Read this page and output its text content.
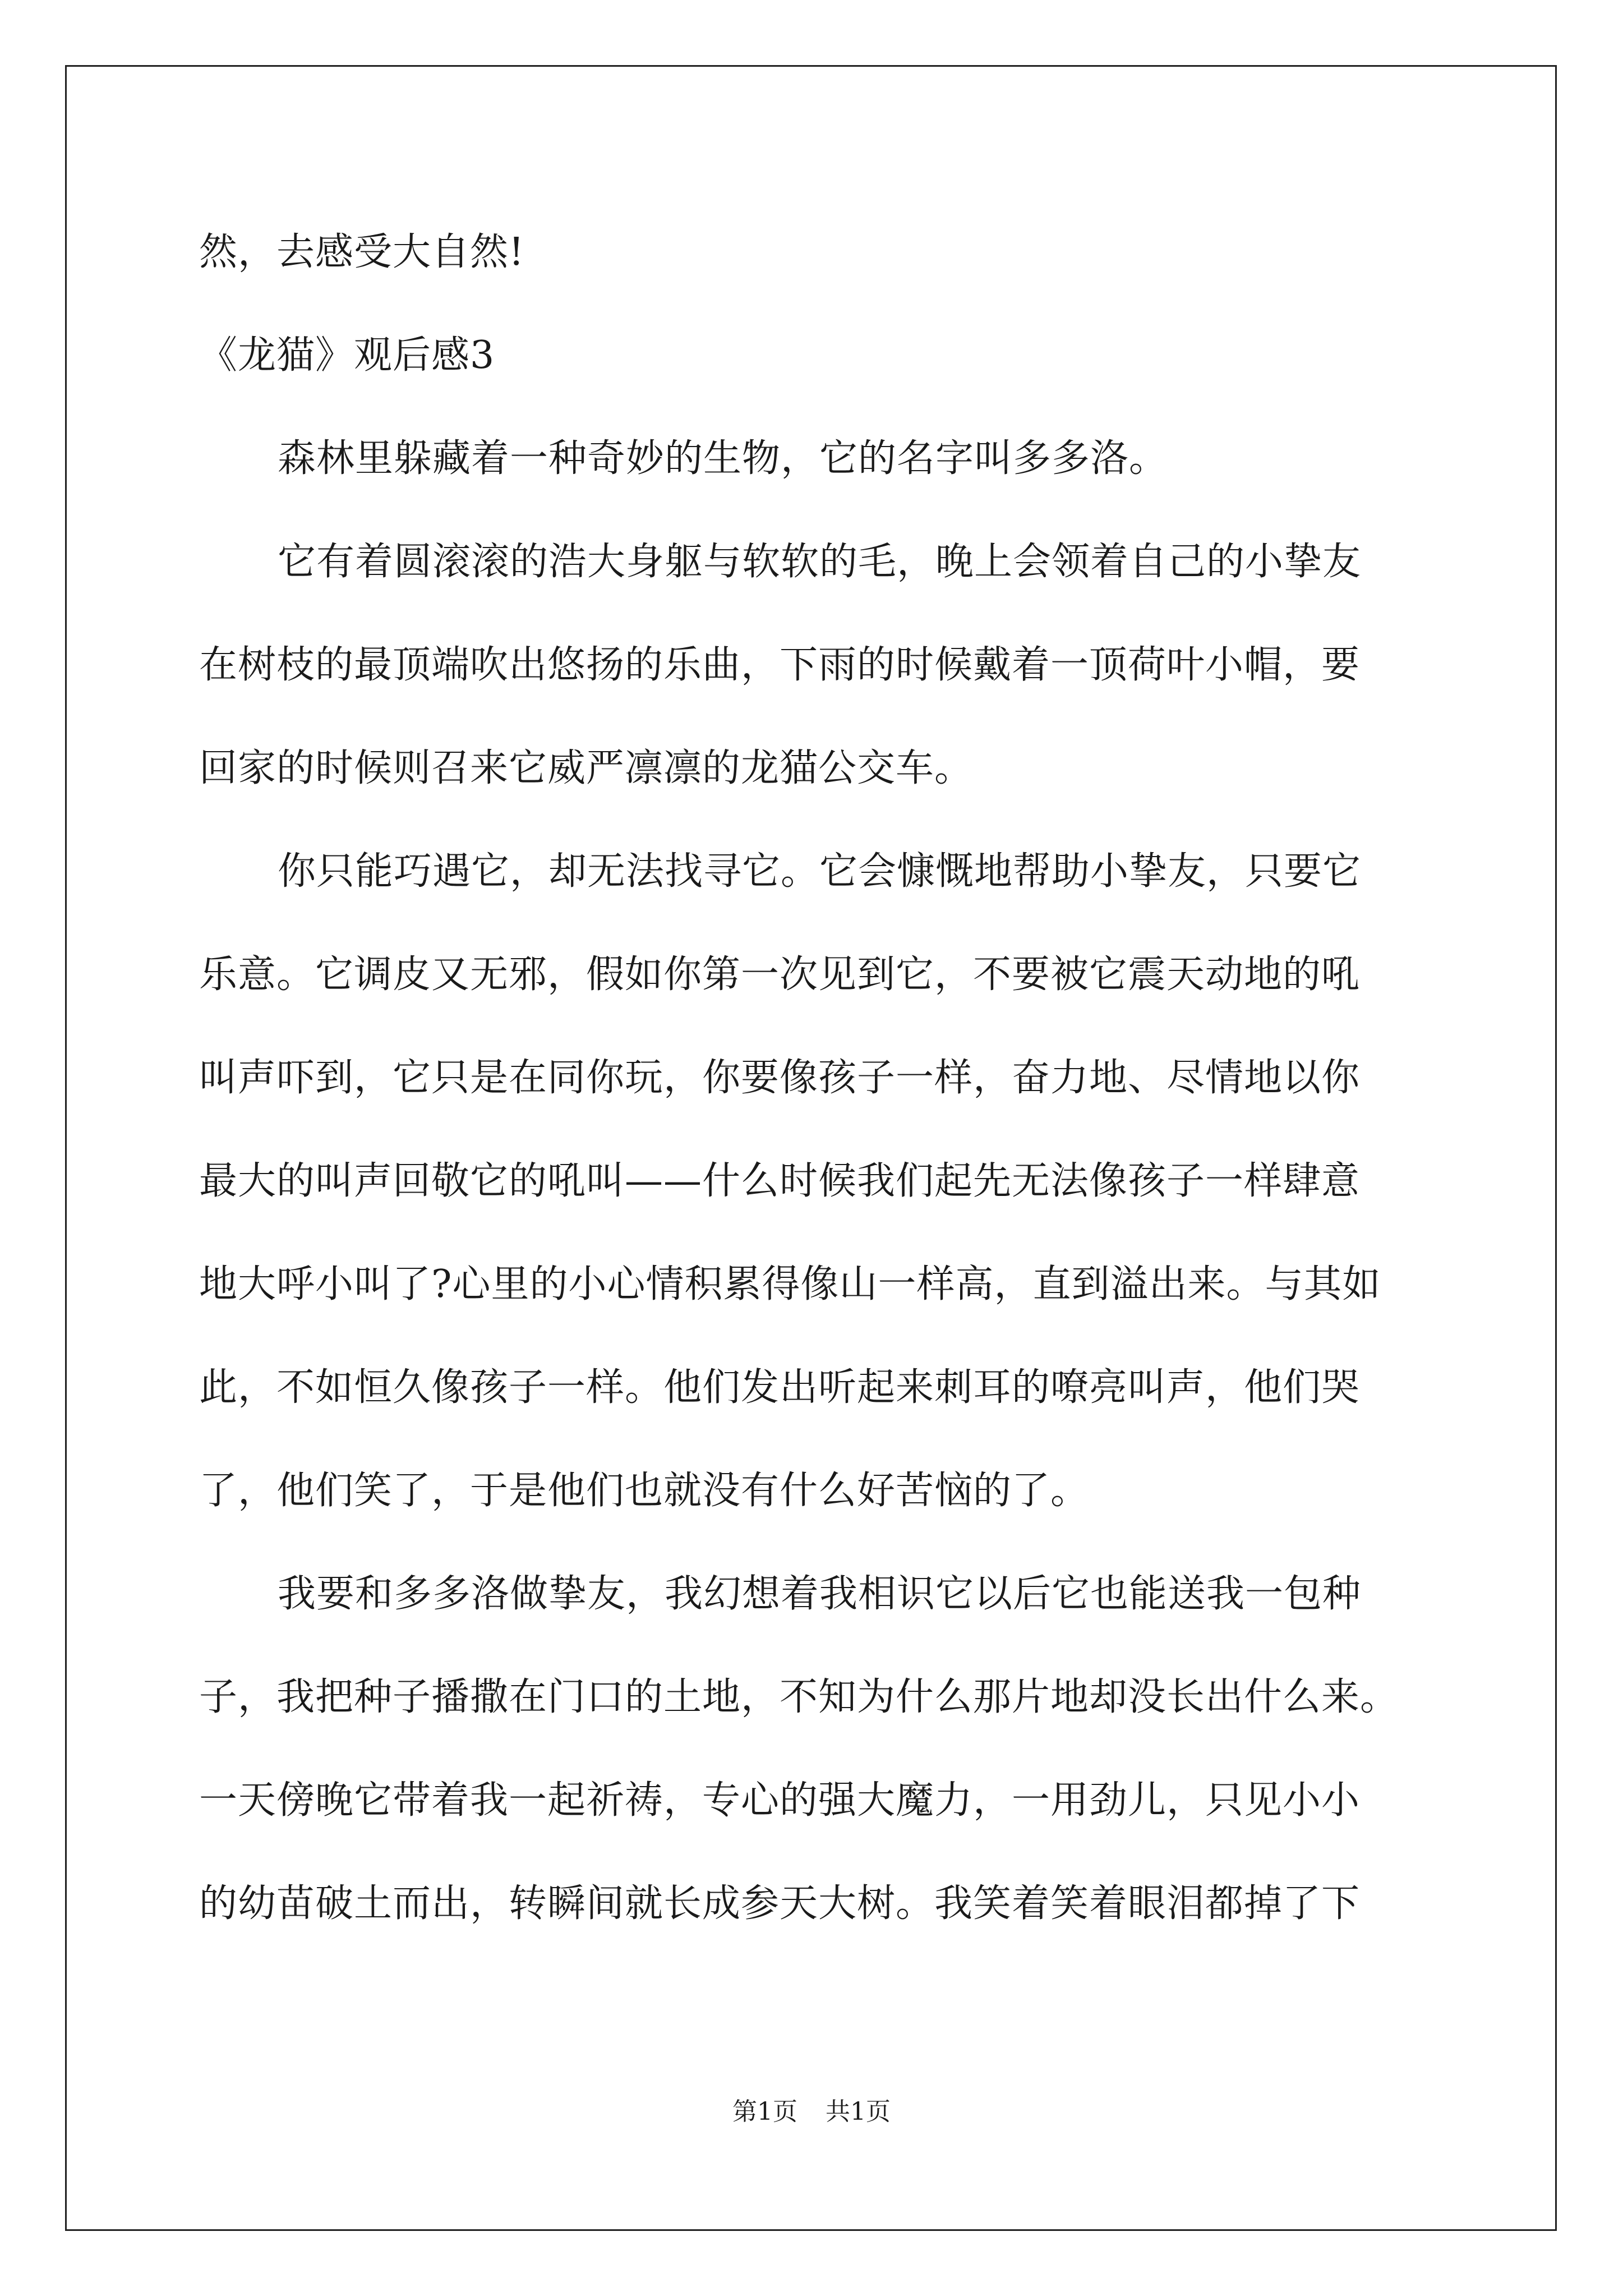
然，去感受大自然!
《龙猫》观后感3
森林里躲藏着一种奇妙的生物，它的名字叫多多洛。
它有着圆滚滚的浩大身躯与软软的毛，晚上会领着自己的小挚友
在树枝的最顶端吹出悠扬的乐曲，下雨的时候戴着一顶荷叶小帽，要
回家的时候则召来它威严凛凛的龙猫公交车。
你只能巧遇它，却无法找寻它。它会慷慨地帮助小挚友，只要它
乐意。它调皮又无邪，假如你第一次见到它，不要被它震天动地的吼
叫声吓到，它只是在同你玩，你要像孩子一样，奋力地、尽情地以你
最大的叫声回敬它的吼叫——什么时候我们起先无法像孩子一样肆意
地大呼小叫了?心里的小心情积累得像山一样高，直到溢出来。与其如
此，不如恒久像孩子一样。他们发出听起来刺耳的嘹亮叫声，他们哭
了，他们笑了，于是他们也就没有什么好苦恼的了。
我要和多多洛做挚友，我幻想着我相识它以后它也能送我一包种
子，我把种子播撒在门口的土地，不知为什么那片地却没长出什么来。
一天傍晚它带着我一起祈祷，专心的强大魔力，一用劲儿，只见小小
的幼苗破土而出，转瞬间就长成参天大树。我笑着笑着眼泪都掉了下
第1页 共1页
